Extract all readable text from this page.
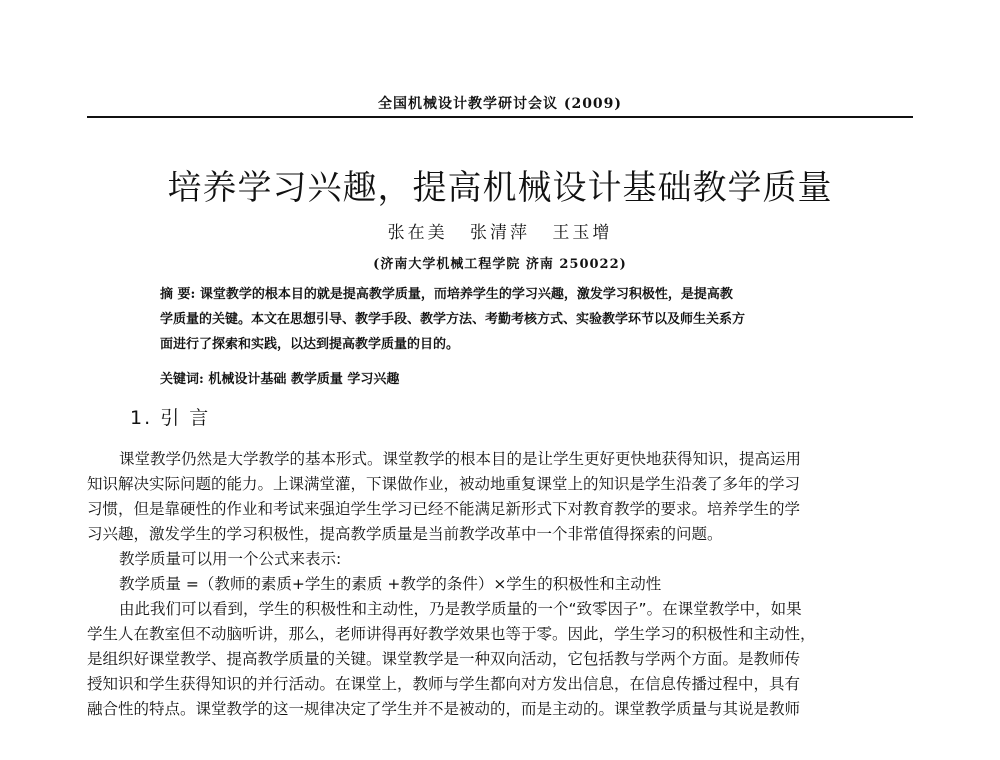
全国机械设计教学研讨会议 (2009)
培养学习兴趣，提高机械设计基础教学质量
张在美 张清萍 王玉增
(济南大学机械工程学院 济南 250022)
摘 要: 课堂教学的根本目的就是提高教学质量，而培养学生的学习兴趣，激发学习积极性，是提高教
学质量的关键。本文在思想引导、教学手段、教学方法、考勤考核方式、实验教学环节以及师生关系方
面进行了探索和实践，以达到提高教学质量的目的。
关键词: 机械设计基础 教学质量 学习兴趣
1. 引 言
课堂教学仍然是大学教学的基本形式。课堂教学的根本目的是让学生更好更快地获得知识，提高运用
知识解决实际问题的能力。上课满堂灌，下课做作业，被动地重复课堂上的知识是学生沿袭了多年的学习
习惯，但是靠硬性的作业和考试来强迫学生学习已经不能满足新形式下对教育教学的要求。培养学生的学
习兴趣，激发学生的学习积极性，提高教学质量是当前教学改革中一个非常值得探索的问题。
教学质量可以用一个公式来表示:
教学质量 =（教师的素质+学生的素质 +教学的条件）×学生的积极性和主动性
由此我们可以看到，学生的积极性和主动性，乃是教学质量的一个“致零因子”。在课堂教学中，如果
学生人在教室但不动脑听讲，那么，老师讲得再好教学效果也等于零。因此，学生学习的积极性和主动性，
是组织好课堂教学、提高教学质量的关键。课堂教学是一种双向活动，它包括教与学两个方面。是教师传
授知识和学生获得知识的并行活动。在课堂上，教师与学生都向对方发出信息，在信息传播过程中，具有
融合性的特点。课堂教学的这一规律决定了学生并不是被动的，而是主动的。课堂教学质量与其说是教师
